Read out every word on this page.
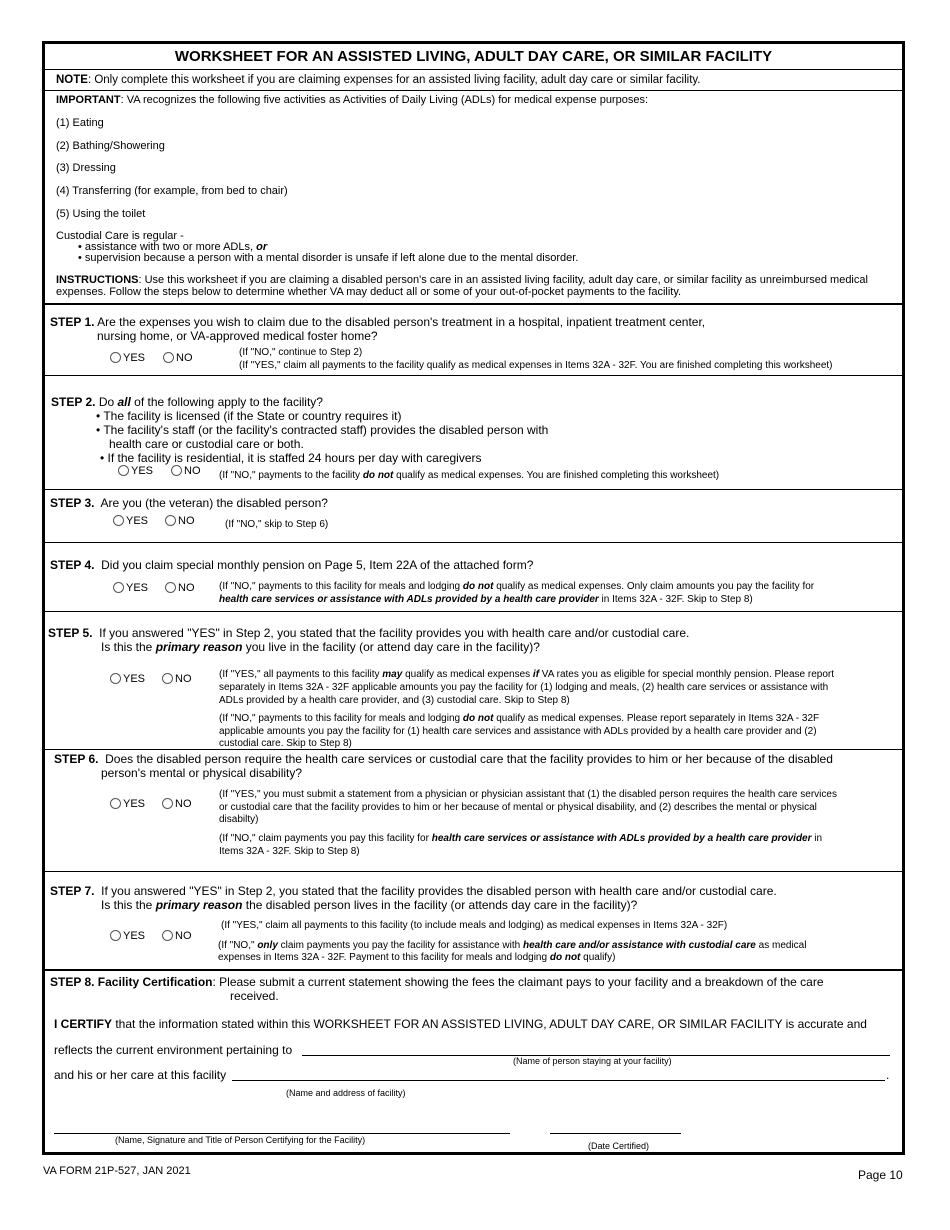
WORKSHEET FOR AN ASSISTED LIVING, ADULT DAY CARE, OR SIMILAR FACILITY
NOTE: Only complete this worksheet if you are claiming expenses for an assisted living facility, adult day care or similar facility.
IMPORTANT: VA recognizes the following five activities as Activities of Daily Living (ADLs) for medical expense purposes:
(1) Eating
(2) Bathing/Showering
(3) Dressing
(4) Transferring (for example, from bed to chair)
(5) Using the toilet
Custodial Care is regular -
• assistance with two or more ADLs, or
• supervision because a person with a mental disorder is unsafe if left alone due to the mental disorder.
INSTRUCTIONS: Use this worksheet if you are claiming a disabled person's care in an assisted living facility, adult day care, or similar facility as unreimbursed medical expenses. Follow the steps below to determine whether VA may deduct all or some of your out-of-pocket payments to the facility.
STEP 1. Are the expenses you wish to claim due to the disabled person's treatment in a hospital, inpatient treatment center,
nursing home, or VA-approved medical foster home?
YES	NO	(If "NO," continue to Step 2)
(If "YES," claim all payments to the facility qualify as medical expenses in Items 32A - 32F. You are finished completing this worksheet)
STEP 2. Do all of the following apply to the facility?
• The facility is licensed (if the State or country requires it)
• The facility's staff (or the facility's contracted staff) provides the disabled person with
health care or custodial care or both.
• If the facility is residential, it is staffed 24 hours per day with caregivers
YES	NO (If "NO," payments to the facility do not qualify as medical expenses. You are finished completing this worksheet)
STEP 3. Are you (the veteran) the disabled person?
YES	NO	(If "NO," skip to Step 6)
STEP 4. Did you claim special monthly pension on Page 5, Item 22A of the attached form?
YES	NO (If "NO," payments to this facility for meals and lodging do not qualify as medical expenses. Only claim amounts you pay the facility for
health care services or assistance with ADLs provided by a health care provider in Items 32A - 32F. Skip to Step 8)
STEP 5. If you answered "YES" in Step 2, you stated that the facility provides you with health care and/or custodial care.
Is this the primary reason you live in the facility (or attend day care in the facility)?
YES	NO	(If "YES," all payments to this facility may qualify as medical expenses if VA rates you as eligible for special monthly pension. Please report
separately in Items 32A - 32F applicable amounts you pay the facility for (1) lodging and meals, (2) health care services or assistance with
ADLs provided by a health care provider, and (3) custodial care. Skip to Step 8)
(If "NO," payments to this facility for meals and lodging do not qualify as medical expenses. Please report separately in Items 32A - 32F
applicable amounts you pay the facility for (1) health care services and assistance with ADLs provided by a health care provider and (2)
custodial care. Skip to Step 8)
STEP 6. Does the disabled person require the health care services or custodial care that the facility provides to him or her because of the disabled
person's mental or physical disability?
YES	NO
(If "YES," you must submit a statement from a physician or physician assistant that (1) the disabled person requires the health care services
or custodial care that the facility provides to him or her because of mental or physical disability, and (2) describes the mental or physical
disabilty)
(If "NO," claim payments you pay this facility for health care services or assistance with ADLs provided by a health care provider in
Items 32A - 32F. Skip to Step 8)
STEP 7. If you answered "YES" in Step 2, you stated that the facility provides the disabled person with health care and/or custodial care.
Is this the primary reason the disabled person lives in the facility (or attends day care in the facility)?
YES	NO
(If "YES," claim all payments to this facility (to include meals and lodging) as medical expenses in Items 32A - 32F)
(If "NO," only claim payments you pay the facility for assistance with health care and/or assistance with custodial care as medical
expenses in Items 32A - 32F. Payment to this facility for meals and lodging do not qualify)
STEP 8. Facility Certification: Please submit a current statement showing the fees the claimant pays to your facility and a breakdown of the care
received.
I CERTIFY that the information stated within this WORKSHEET FOR AN ASSISTED LIVING, ADULT DAY CARE, OR SIMILAR FACILITY is accurate and
reflects the current environment pertaining to
(Name of person staying at your facility)
and his or her care at this facility	.
(Name and address of facility)
(Name, Signature and Title of Person Certifying for the Facility)
(Date Certified)
VA FORM 21P-527, JAN 2021	Page 10
